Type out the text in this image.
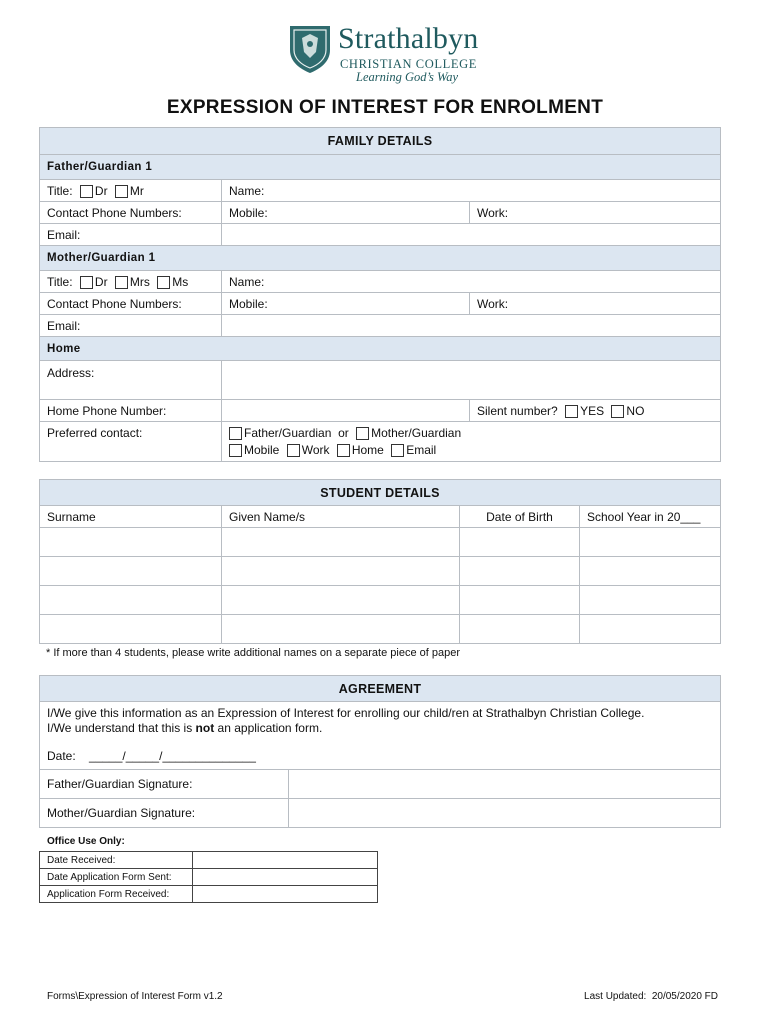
Strathalbyn
CHRISTIAN COLLEGE
Learning God’s Way
EXPRESSION OF INTEREST FOR ENROLMENT
FAMILY DETAILS		
Father/Guardian 1		
Title: Dr Mr	Name:	
Contact Phone Numbers:	Mobile:	Work:
Email:		
Mother/Guardian 1		
Title: Dr Mrs Ms	Name:	
Contact Phone Numbers:	Mobile:	Work:
Email:		
Home		
Address:		
Home Phone Number:		Silent number? YES NO
Preferred contact:	Father/Guardian or Mother/Guardian
Mobile Work Home Email	
STUDENT DETAILS			
Surname	Given Name/s	Date of Birth	School Year in 20___

* If more than 4 students, please write additional names on a separate piece of paper
AGREEMENT	

I/We give this information as an Expression of Interest for enrolling our child/ren at Strathalbyn Christian College.
I/We understand that this is not an application form.
Date: _____/_____/______________	

Father/Guardian Signature:	
Mother/Guardian Signature:	
Office Use Only:
Date Received:	
Date Application Form Sent:	
Application Form Received:	
Forms\Expression of Interest Form v1.2	Last Updated:  20/05/2020 FD
